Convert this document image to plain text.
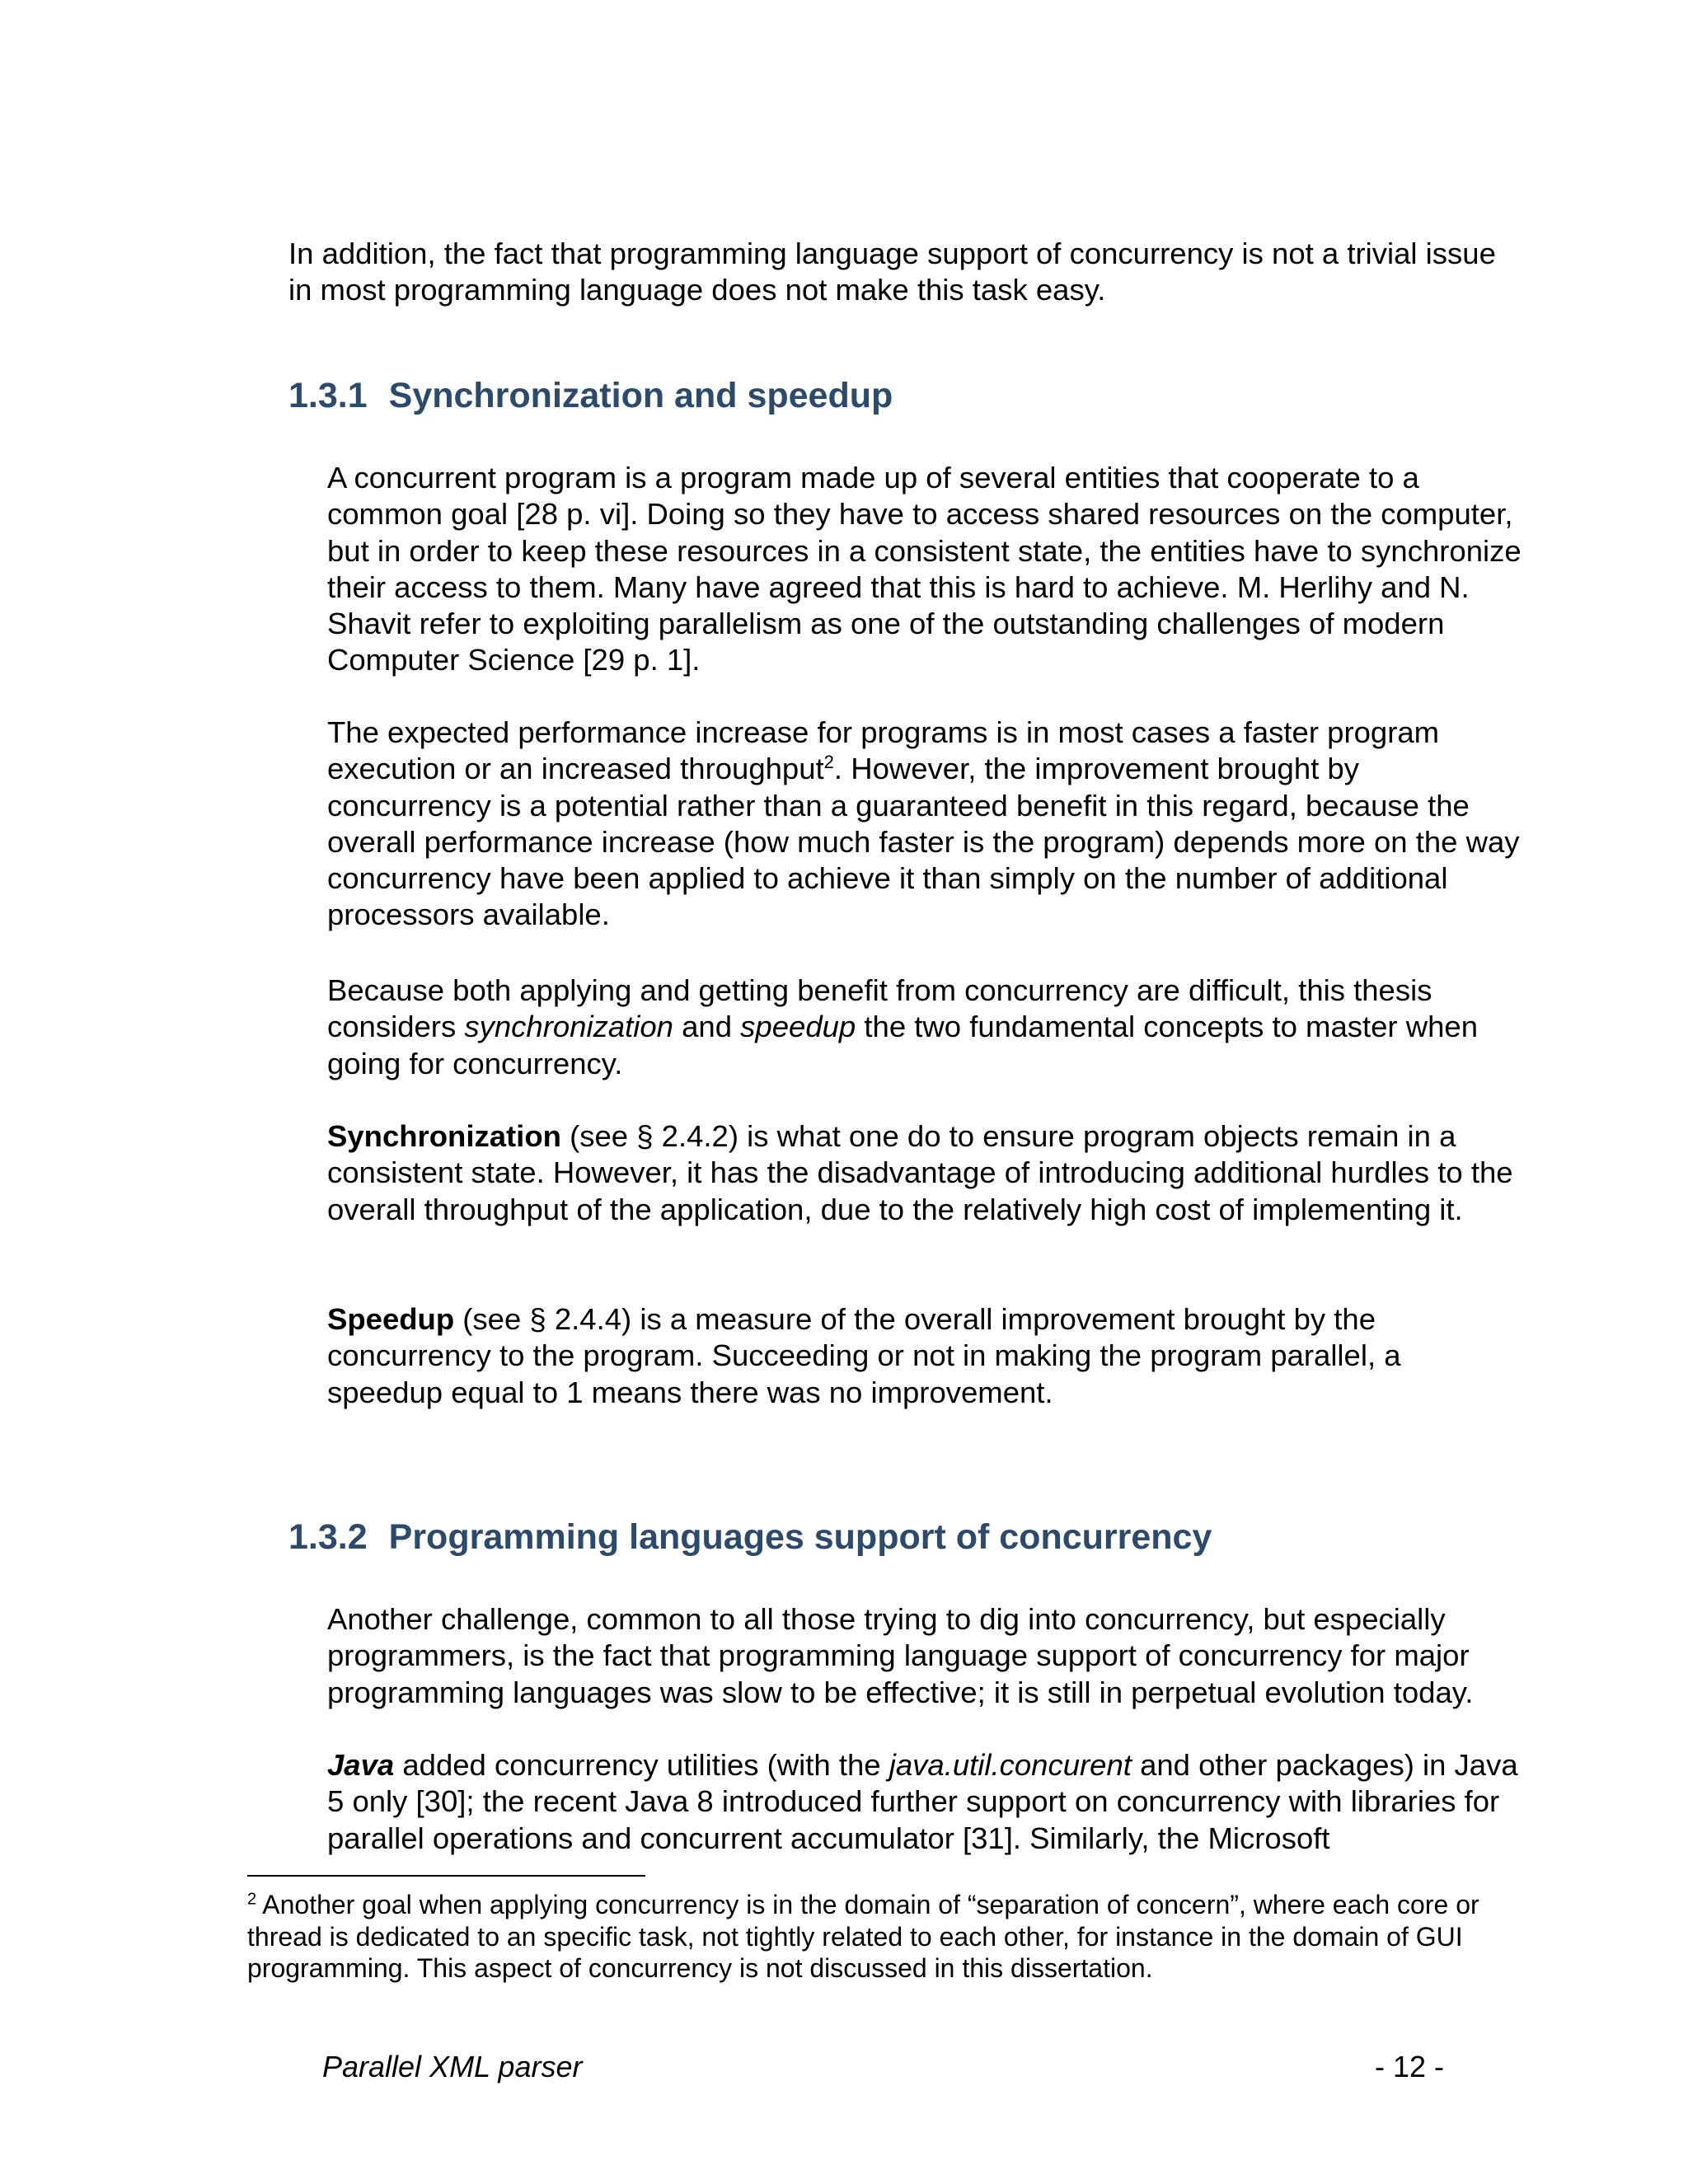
In addition, the fact that programming language support of concurrency is not a trivial issue in most programming language does not make this task easy.

1.3.1 Synchronization and speedup

A concurrent program is a program made up of several entities that cooperate to a common goal [28 p. vi]. Doing so they have to access shared resources on the computer, but in order to keep these resources in a consistent state, the entities have to synchronize their access to them. Many have agreed that this is hard to achieve. M. Herlihy and N. Shavit refer to exploiting parallelism as one of the outstanding challenges of modern Computer Science [29 p. 1].

The expected performance increase for programs is in most cases a faster program execution or an increased throughput$^2$. However, the improvement brought by concurrency is a potential rather than a guaranteed benefit in this regard, because the overall performance increase (how much faster is the program) depends more on the way concurrency have been applied to achieve it than simply on the number of additional processors available.

Because both applying and getting benefit from concurrency are difficult, this thesis considers synchronization and speedup the two fundamental concepts to master when going for concurrency.

Synchronization (see § 2.4.2) is what one do to ensure program objects remain in a consistent state. However, it has the disadvantage of introducing additional hurdles to the overall throughput of the application, due to the relatively high cost of implementing it.

Speedup (see § 2.4.4) is a measure of the overall improvement brought by the concurrency to the program. Succeeding or not in making the program parallel, a speedup equal to 1 means there was no improvement.

1.3.2 Programming languages support of concurrency

Another challenge, common to all those trying to dig into concurrency, but especially programmers, is the fact that programming language support of concurrency for major programming languages was slow to be effective; it is still in perpetual evolution today.

Java added concurrency utilities (with the java.util.concurent and other packages) in Java 5 only [30]; the recent Java 8 introduced further support on concurrency with libraries for parallel operations and concurrent accumulator [31]. Similarly, the Microsoft

$^2$ Another goal when applying concurrency is in the domain of “separation of concern”, where each core or thread is dedicated to an specific task, not tightly related to each other, for instance in the domain of GUI programming. This aspect of concurrency is not discussed in this dissertation.

Parallel XML parser	- 12 -
